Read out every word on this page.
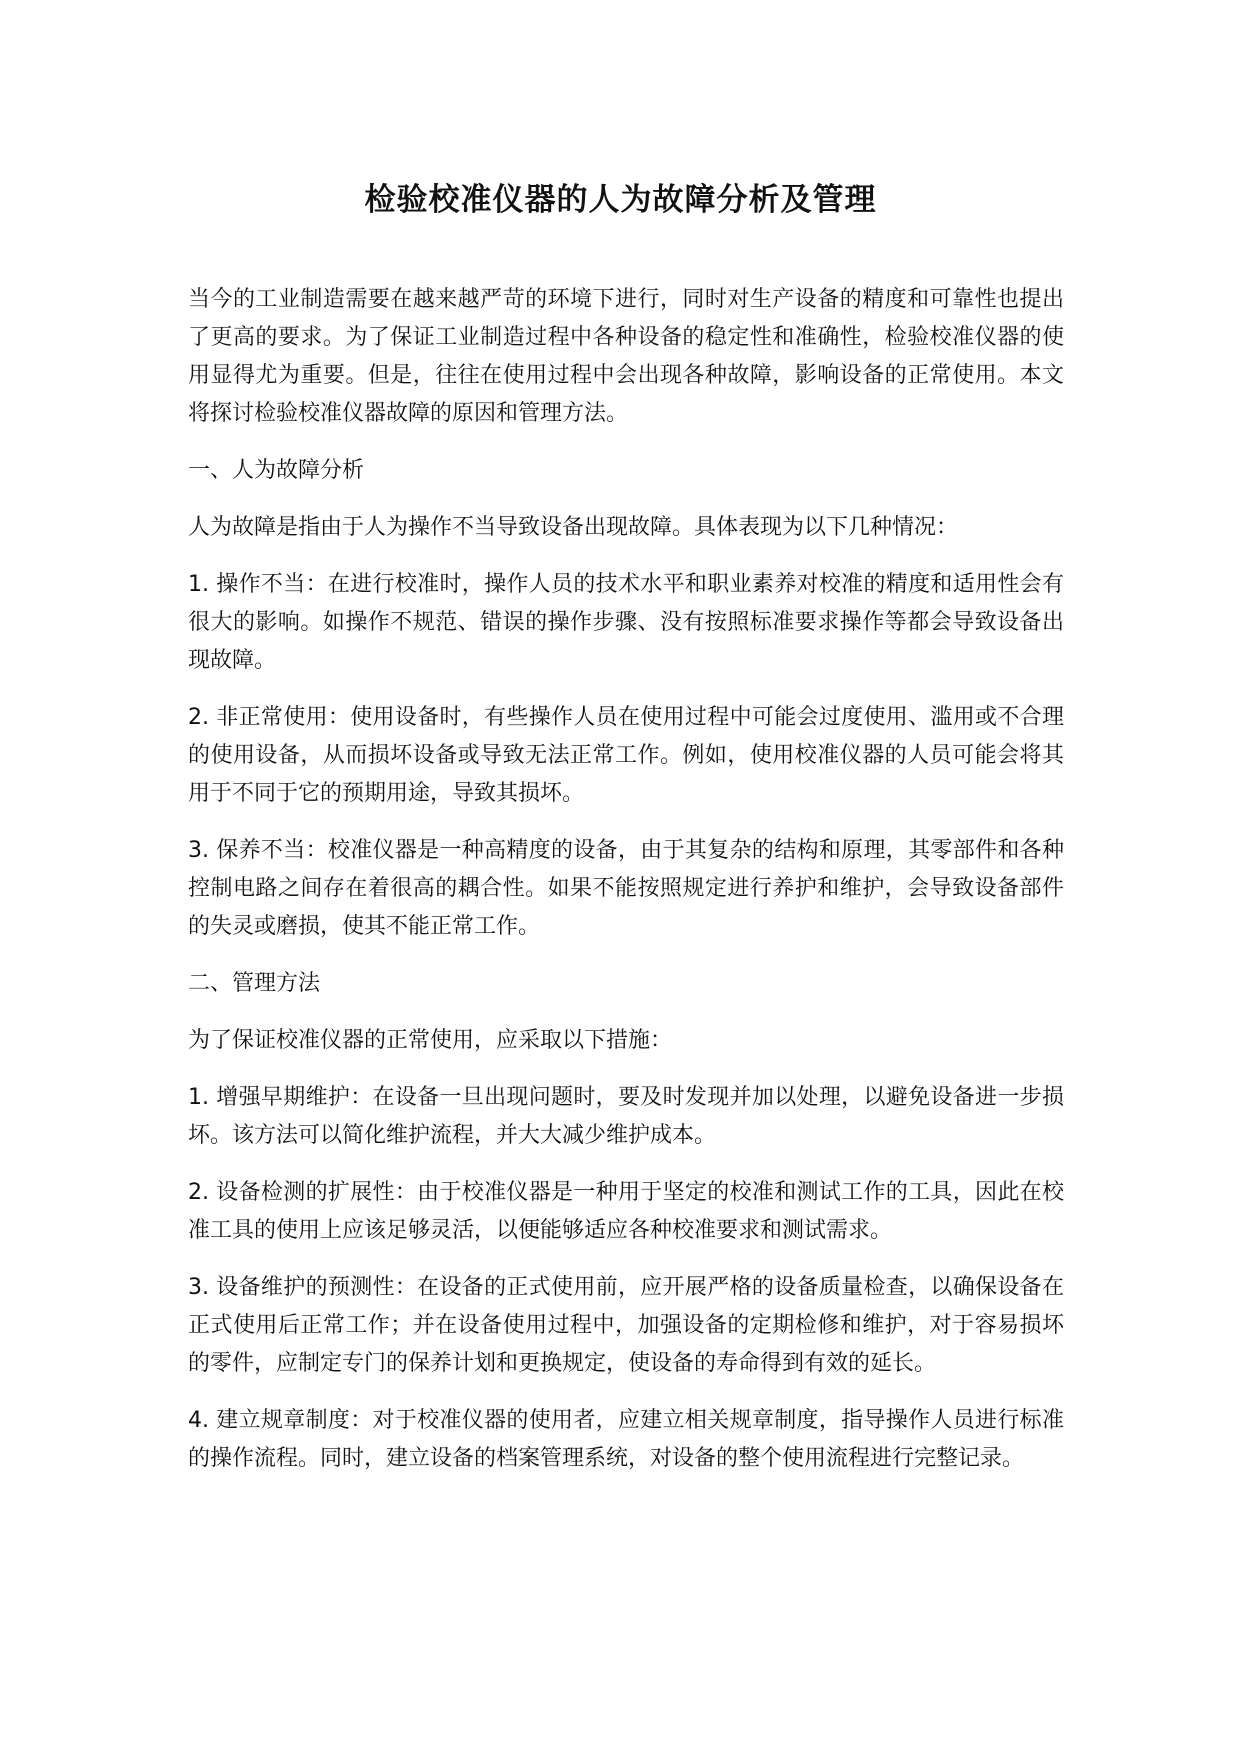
检验校准仪器的人为故障分析及管理

当今的工业制造需要在越来越严苛的环境下进行，同时对生产设备的精度和可靠性也提出了更高的要求。为了保证工业制造过程中各种设备的稳定性和准确性，检验校准仪器的使用显得尤为重要。但是，往往在使用过程中会出现各种故障，影响设备的正常使用。本文将探讨检验校准仪器故障的原因和管理方法。

一、人为故障分析

人为故障是指由于人为操作不当导致设备出现故障。具体表现为以下几种情况：

1. 操作不当：在进行校准时，操作人员的技术水平和职业素养对校准的精度和适用性会有很大的影响。如操作不规范、错误的操作步骤、没有按照标准要求操作等都会导致设备出现故障。

2. 非正常使用：使用设备时，有些操作人员在使用过程中可能会过度使用、滥用或不合理的使用设备，从而损坏设备或导致无法正常工作。例如，使用校准仪器的人员可能会将其用于不同于它的预期用途，导致其损坏。

3. 保养不当：校准仪器是一种高精度的设备，由于其复杂的结构和原理，其零部件和各种控制电路之间存在着很高的耦合性。如果不能按照规定进行养护和维护，会导致设备部件的失灵或磨损，使其不能正常工作。

二、管理方法

为了保证校准仪器的正常使用，应采取以下措施：

1. 增强早期维护：在设备一旦出现问题时，要及时发现并加以处理，以避免设备进一步损坏。该方法可以简化维护流程，并大大减少维护成本。

2. 设备检测的扩展性：由于校准仪器是一种用于坚定的校准和测试工作的工具，因此在校准工具的使用上应该足够灵活，以便能够适应各种校准要求和测试需求。

3. 设备维护的预测性：在设备的正式使用前，应开展严格的设备质量检查，以确保设备在正式使用后正常工作；并在设备使用过程中，加强设备的定期检修和维护，对于容易损坏的零件，应制定专门的保养计划和更换规定，使设备的寿命得到有效的延长。

4. 建立规章制度：对于校准仪器的使用者，应建立相关规章制度，指导操作人员进行标准的操作流程。同时，建立设备的档案管理系统，对设备的整个使用流程进行完整记录。
